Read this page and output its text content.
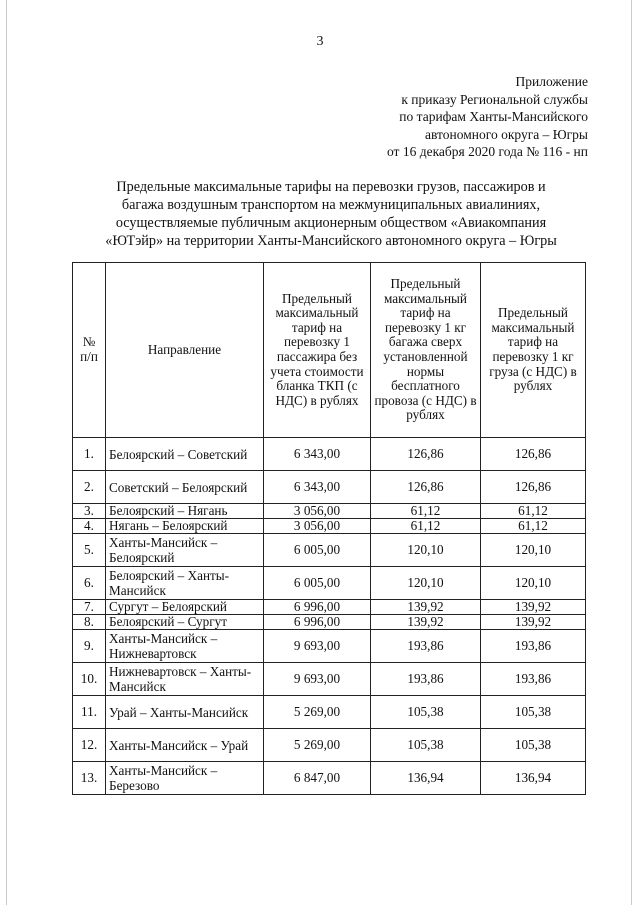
3
Приложение
к приказу Региональной службы
по тарифам Ханты-Мансийского
автономного округа – Югры
от 16 декабря 2020 года № 116 - нп
Предельные максимальные тарифы на перевозки грузов, пассажиров и
багажа воздушным транспортом на межмуниципальных авиалиниях,
осуществляемые публичным акционерным обществом «Авиакомпания
«ЮТэйр» на территории Ханты-Мансийского автономного округа – Югры
№ п/п	Направление	Предельный максимальный тариф на перевозку 1 пассажира без учета стоимости бланка ТКП (с НДС) в рублях	Предельный максимальный тариф на перевозку 1 кг багажа сверх установленной нормы бесплатного провоза (с НДС) в рублях	Предельный максимальный тариф на перевозку 1 кг груза (с НДС) в рублях
1.	Белоярский – Советский	6 343,00	126,86	126,86
2.	Советский – Белоярский	6 343,00	126,86	126,86
3.	Белоярский – Нягань	3 056,00	61,12	61,12
4.	Нягань – Белоярский	3 056,00	61,12	61,12
5.	Ханты-Мансийск – Белоярский	6 005,00	120,10	120,10
6.	Белоярский – Ханты-Мансийск	6 005,00	120,10	120,10
7.	Сургут – Белоярский	6 996,00	139,92	139,92
8.	Белоярский – Сургут	6 996,00	139,92	139,92
9.	Ханты-Мансийск – Нижневартовск	9 693,00	193,86	193,86
10.	Нижневартовск – Ханты-Мансийск	9 693,00	193,86	193,86
11.	Урай – Ханты-Мансийск	5 269,00	105,38	105,38
12.	Ханты-Мансийск – Урай	5 269,00	105,38	105,38
13.	Ханты-Мансийск – Березово	6 847,00	136,94	136,94
